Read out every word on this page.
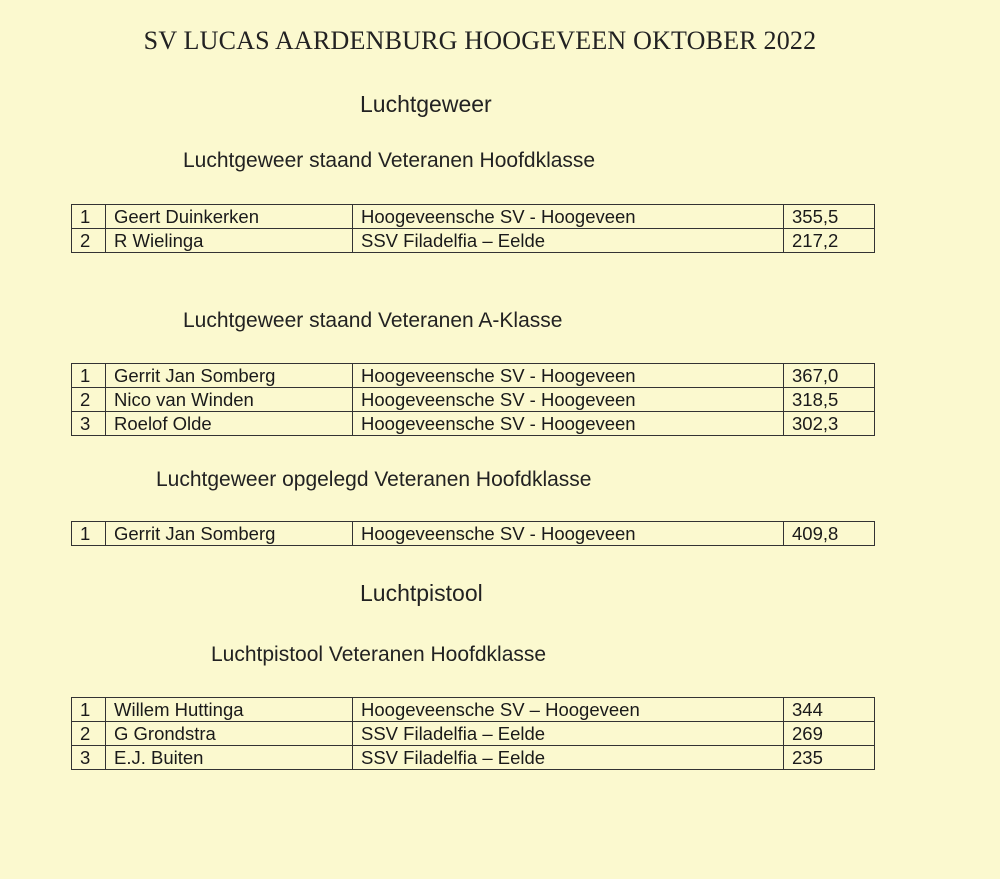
SV LUCAS AARDENBURG HOOGEVEEN OKTOBER 2022
Luchtgeweer
Luchtgeweer staand Veteranen Hoofdklasse
1	Geert Duinkerken	Hoogeveensche SV - Hoogeveen	355,5
2	R Wielinga	SSV Filadelfia – Eelde	217,2
Luchtgeweer staand Veteranen A-Klasse
1	Gerrit Jan Somberg	Hoogeveensche SV - Hoogeveen	367,0
2	Nico van Winden	Hoogeveensche SV - Hoogeveen	318,5
3	Roelof Olde	Hoogeveensche SV - Hoogeveen	302,3
Luchtgeweer opgelegd Veteranen Hoofdklasse
1	Gerrit Jan Somberg	Hoogeveensche SV - Hoogeveen	409,8
Luchtpistool
Luchtpistool Veteranen Hoofdklasse
1	Willem Huttinga	Hoogeveensche SV – Hoogeveen	344
2	G Grondstra	SSV Filadelfia – Eelde	269
3	E.J. Buiten	SSV Filadelfia – Eelde	235
